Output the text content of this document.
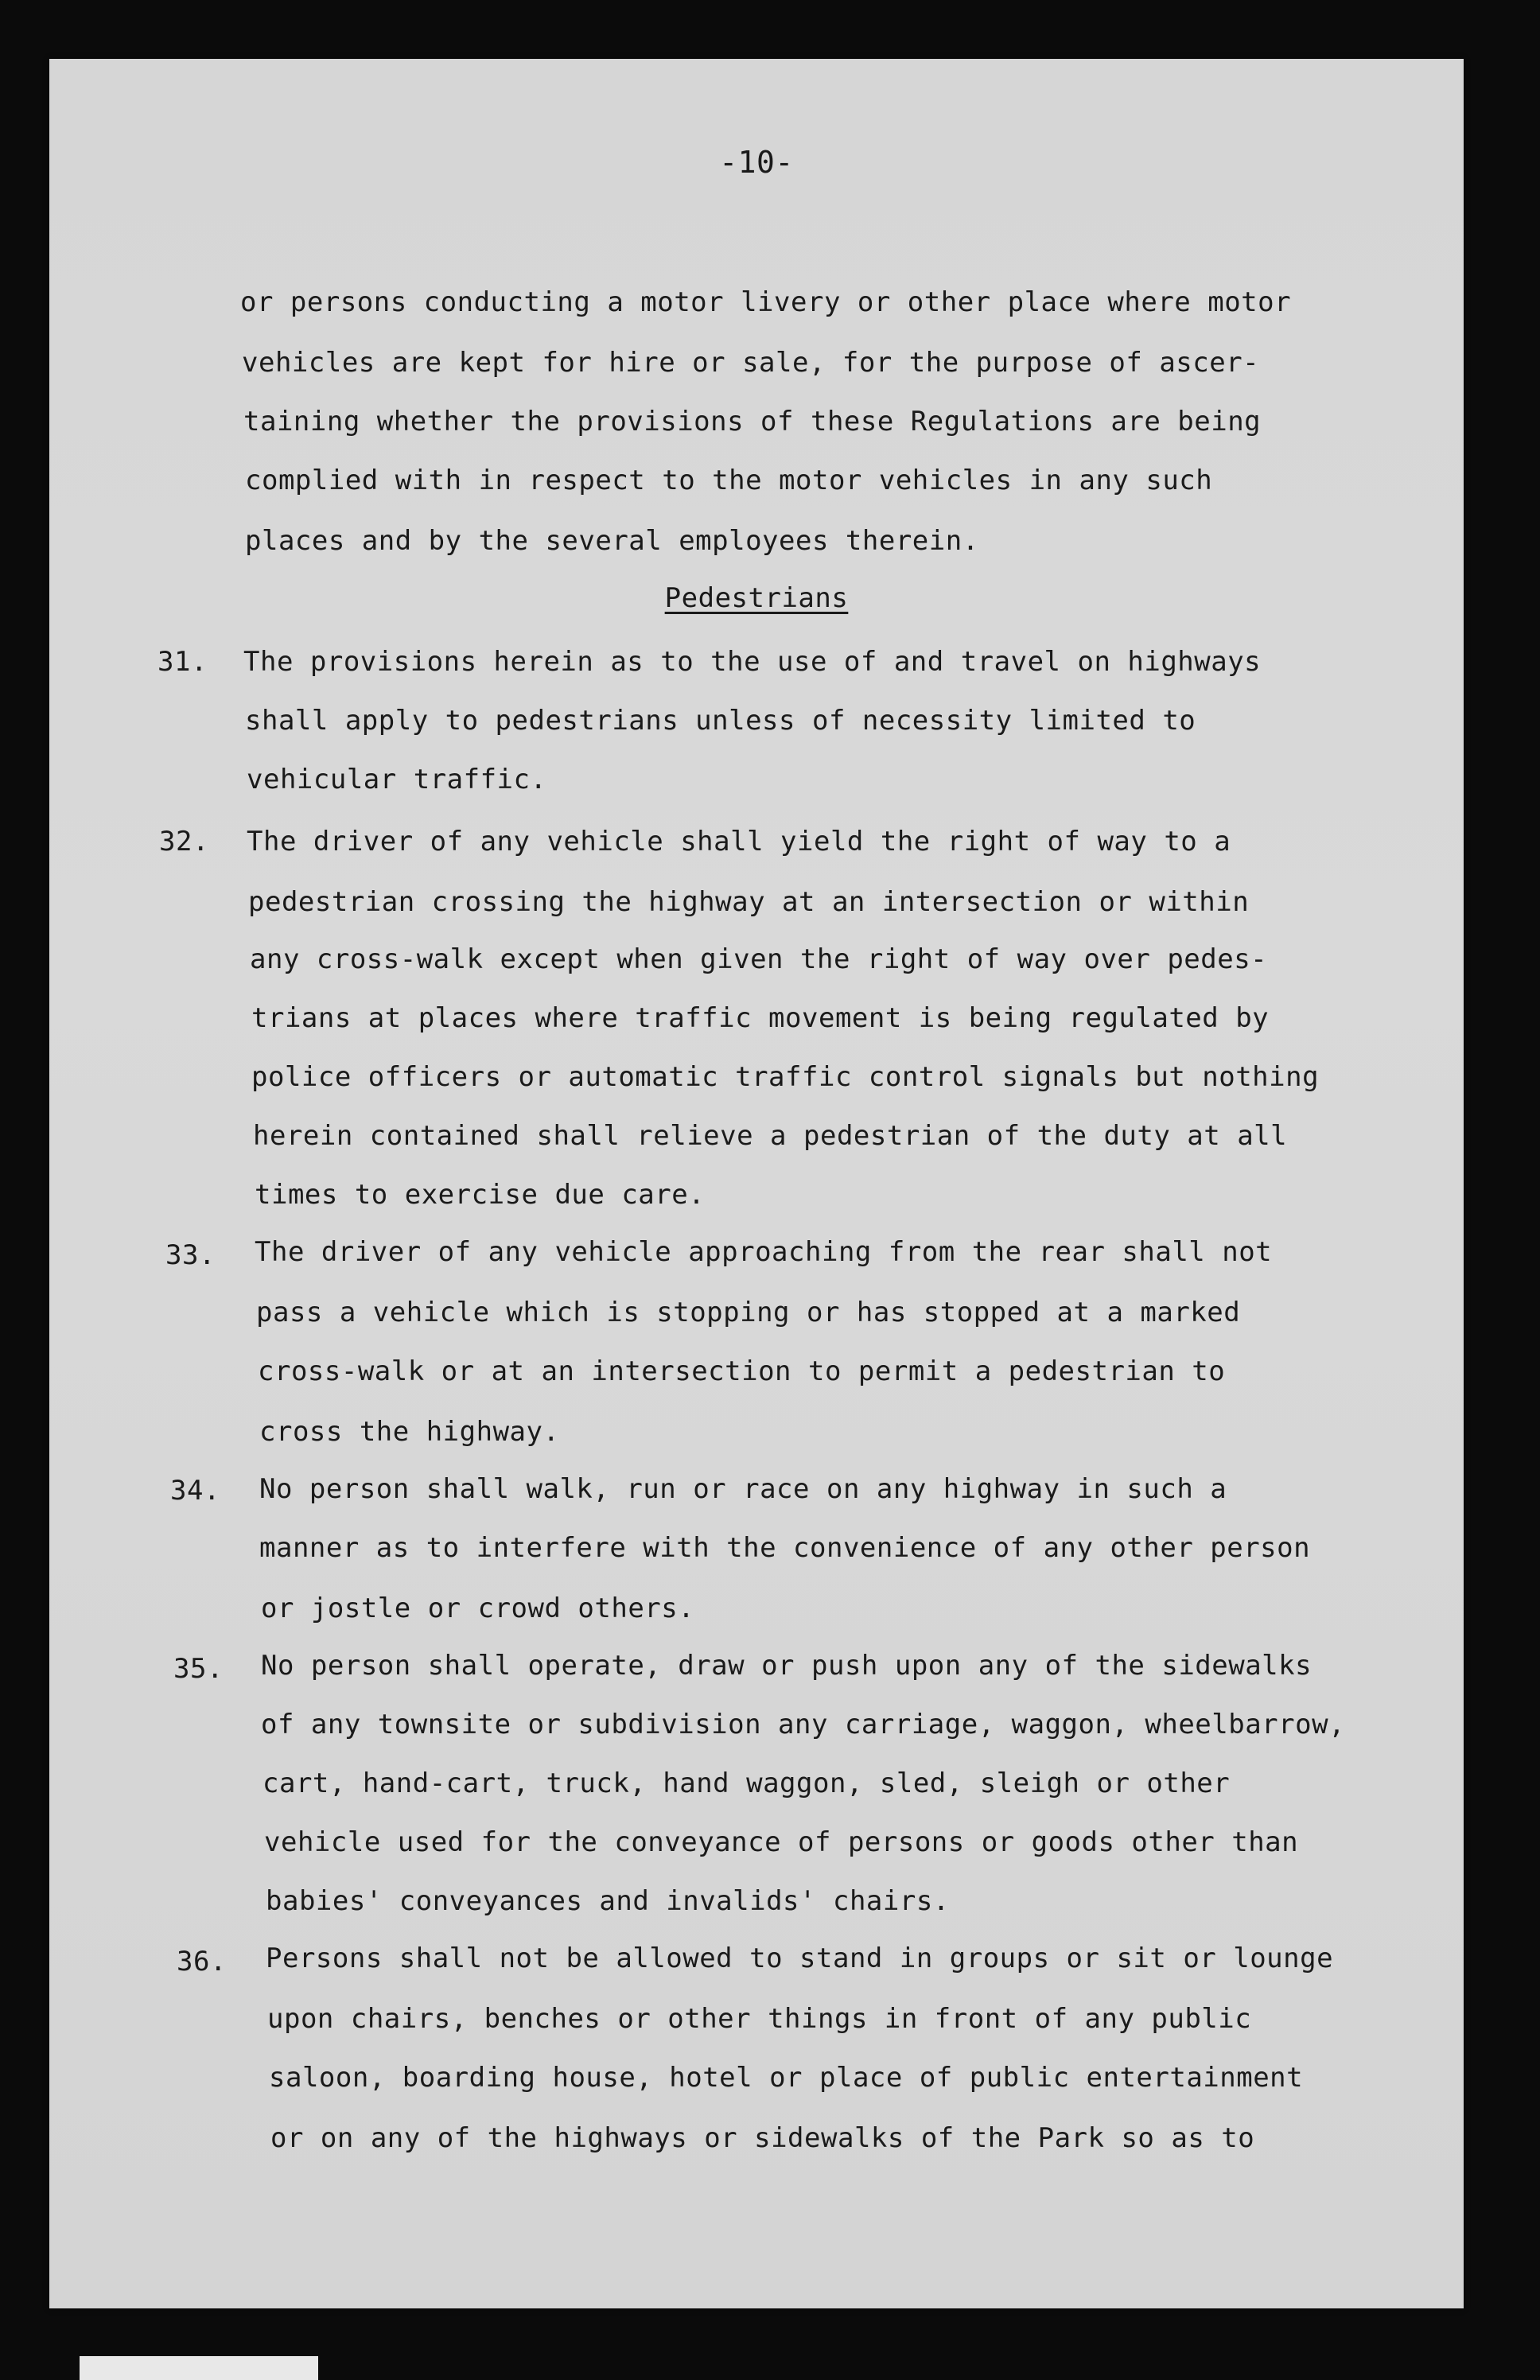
-10-
or persons conducting a motor livery or other place where motor
vehicles are kept for hire or sale, for the purpose of ascer-
taining whether the provisions of these Regulations are being
complied with in respect to the motor vehicles in any such
places and by the several employees therein.
Pedestrians
31. The provisions herein as to the use of and travel on highways
shall apply to pedestrians unless of necessity limited to
vehicular traffic.
32. The driver of any vehicle shall yield the right of way to a
pedestrian crossing the highway at an intersection or within
any cross-walk except when given the right of way over pedes-
trians at places where traffic movement is being regulated by
police officers or automatic traffic control signals but nothing
herein contained shall relieve a pedestrian of the duty at all
times to exercise due care.
33. The driver of any vehicle approaching from the rear shall not
pass a vehicle which is stopping or has stopped at a marked
cross-walk or at an intersection to permit a pedestrian to
cross the highway.
34. No person shall walk, run or race on any highway in such a
manner as to interfere with the convenience of any other person
or jostle or crowd others.
35. No person shall operate, draw or push upon any of the sidewalks
of any townsite or subdivision any carriage, waggon, wheelbarrow,
cart, hand-cart, truck, hand waggon, sled, sleigh or other
vehicle used for the conveyance of persons or goods other than
babies' conveyances and invalids' chairs.
36. Persons shall not be allowed to stand in groups or sit or lounge
upon chairs, benches or other things in front of any public
saloon, boarding house, hotel or place of public entertainment
or on any of the highways or sidewalks of the Park so as to
